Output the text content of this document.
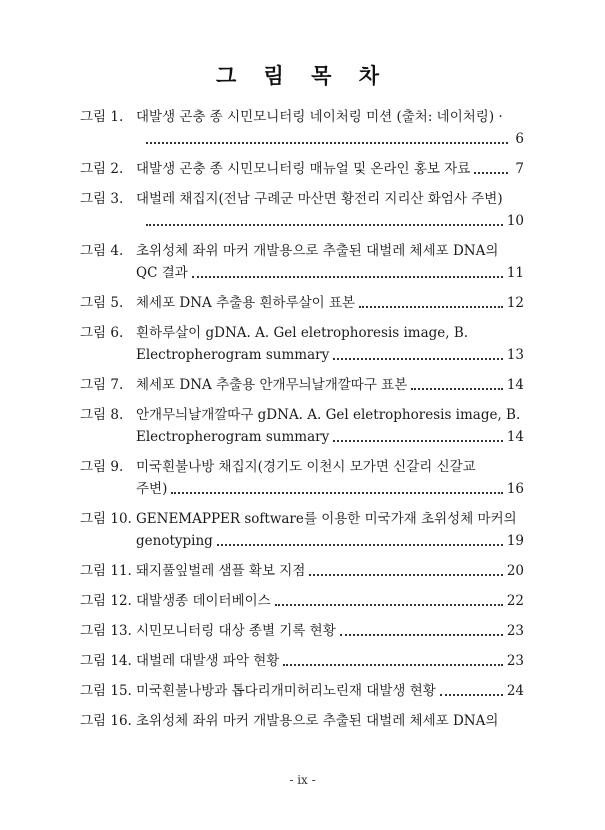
그 림 목 차
그림 1. 대발생 곤충 종 시민모니터링 네이처링 미션 (출처: 네이처링) ·
6
그림 2. 대발생 곤충 종 시민모니터링 매뉴얼 및 온라인 홍보 자료	7
그림 3. 대벌레 채집지(전남 구례군 마산면 황전리 지리산 화엄사 주변)
10
그림 4. 초위성체 좌위 마커 개발용으로 추출된 대벌레 체세포 DNA의
QC 결과	11
그림 5. 체세포 DNA 추출용 흰하루살이 표본	12
그림 6. 흰하루살이 gDNA. A. Gel eletrophoresis image, B.
Electropherogram summary	13
그림 7. 체세포 DNA 추출용 안개무늬날개깔따구 표본	14
그림 8. 안개무늬날개깔따구 gDNA. A. Gel eletrophoresis image, B.
Electropherogram summary	14
그림 9. 미국흰불나방 채집지(경기도 이천시 모가면 신갈리 신갈교
주변)	16
그림 10. GENEMAPPER software를 이용한 미국가재 초위성체 마커의
genotyping	19
그림 11. 돼지풀잎벌레 샘플 확보 지점	20
그림 12. 대발생종 데이터베이스	22
그림 13. 시민모니터링 대상 종별 기록 현황	23
그림 14. 대벌레 대발생 파악 현황	23
그림 15. 미국흰불나방과 톱다리개미허리노린재 대발생 현황	24
그림 16. 초위성체 좌위 마커 개발용으로 추출된 대벌레 체세포 DNA의
- ix -
